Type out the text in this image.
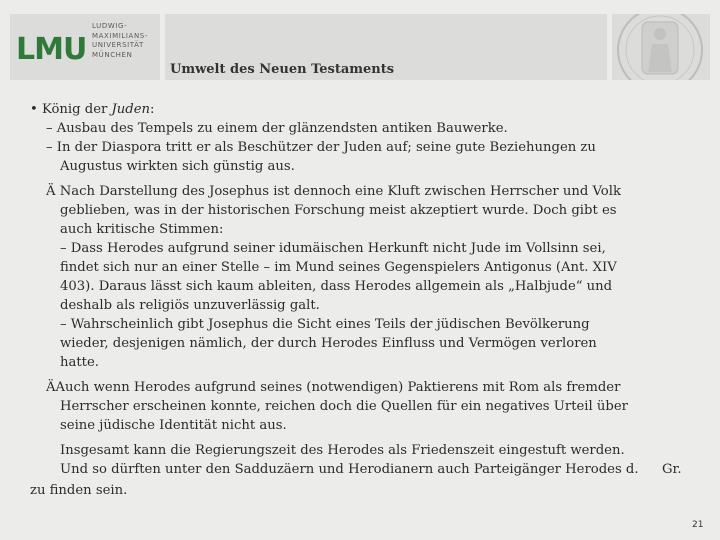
LMU
LUDWIG-
MAXIMILIANS-
UNIVERSITÄT
MÜNCHEN
Umwelt des Neuen Testaments
• König der Juden:
– Ausbau des Tempels zu einem der glänzendsten antiken Bauwerke.
– In der Diaspora tritt er als Beschützer der Juden auf; seine gute Beziehungen zu
Augustus wirkten sich günstig aus.
Ä Nach Darstellung des Josephus ist dennoch eine Kluft zwischen Herrscher und Volk
geblieben, was in der historischen Forschung meist akzeptiert wurde. Doch gibt es
auch kritische Stimmen:
– Dass Herodes aufgrund seiner idumäischen Herkunft nicht Jude im Vollsinn sei,
findet sich nur an einer Stelle – im Mund seines Gegenspielers Antigonus (Ant. XIV
403). Daraus lässt sich kaum ableiten, dass Herodes allgemein als „Halbjude“ und
deshalb als religiös unzuverlässig galt.
– Wahrscheinlich gibt Josephus die Sicht eines Teils der jüdischen Bevölkerung
wieder, desjenigen nämlich, der durch Herodes Einfluss und Vermögen verloren
hatte.
ÄAuch wenn Herodes aufgrund seines (notwendigen) Paktierens mit Rom als fremder
Herrscher erscheinen konnte, reichen doch die Quellen für ein negatives Urteil über
seine jüdische Identität nicht aus.
Insgesamt kann die Regierungszeit des Herodes als Friedenszeit eingestuft werden.
Und so dürften unter den Sadduzäern und Herodianern auch Parteigänger Herodes d. Gr.
zu finden sein.
21
